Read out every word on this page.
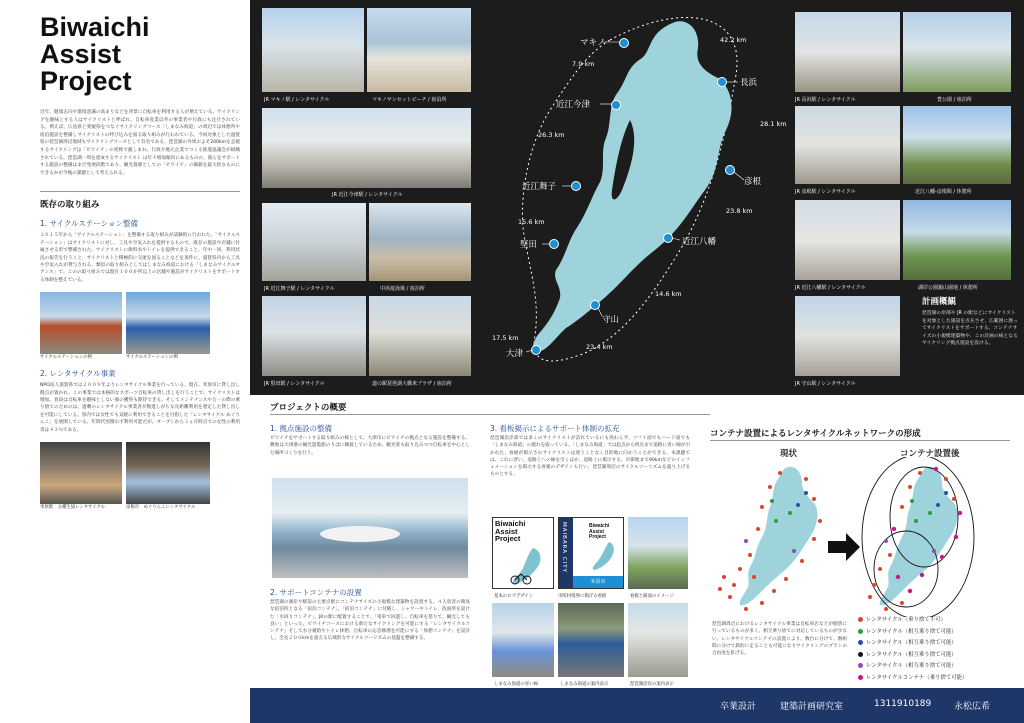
Biwaichi
Assist
Project
近年、健康志向や環境意識の高まりなどを背景に自転車を利用する人が増えている。サイクリングを趣味とする人はサイクリストと呼ばれ、自転車産業以外の事業者や行政にも注目されている。例えば、広島県と愛媛県をつなぐサイクリングコース「しまなみ海道」の周辺では休憩所や宿泊施設を整備しサイクリストの呼び込みを図る取り組みが行われている。今回対象とした滋賀県の琵琶湖周辺地域もサイクリングコースとして有名である。琵琶湖の外周およそ200kmを走破するサイクリングは「ビワイチ」の愛称で親しまれ、行政や地元企業でつくる推進協議会が組織されている。琵琶湖一周を達成するサイクリスト は年々増加傾向にあるものの、彼らをサポートする施設の整備はまだ発展段階であり、観光資源としての「ビワイチ」の価値を最大的なものにできるかが今後の課題として考えられる。
既存の取り組み
1. サイクルステーション整備
２０１５年から「サイクルステーション」を整備する取り組みが試験的に行われた。「サイクルステーション」はサイクリストに対し、工具や空気入れを提供するもので、既存の施設や店舗に付属させる形で整備された。サイクリストに飲料水やトイレを提供できること、年中一回、利用状況の報告を行うこと、サイクリストと積極的に交流を図ることなどを条件に、滋賀県内から工具や空気入れが貸与される。類似の取り組みとしてはしまなみ海道における「しまなみサイクルオアシス」で、このの取り組みでは現在１００か所以上の店舗や施設がサイクリストをサポートする体制を整えている。
サイクルステーションの例	サイクルステーションの例
2. レンタサイクル事業
NPO法人滋賀県では２００９年よりレンタサイクル事業を行っている。現在、米原市に貸し出し拠点が置かれ、この事業では本格的なスポーツ自転車の貸し出しを行うことで、サイクリストは増加。普段は自転車を趣味としない層の獲得も期待できる。そしてメンテナンスや万一の際の乗り捨てのためのは、過剰のレンタサイクル事業者が数進しがちな長距離利用を想定した貸し出しを可能にしている。県内では女性でも気軽に利用できることを目指した「レンタサイクル めぐりんこ」を展開している。年間代別割わず利用可能だが、オープンから３ヵ月時点での女性の利用者は４３％である。
米原駅　五種生協レンタサイクル	彦根市　めぐりんこレンタサイクル
JR マキノ駅 / レンタサイクル	マキノサンセットビーチ / 宿泊所
JR 近江今津駅 / レンタサイクル
JR 近江舞子駅 / レンタサイクル	中浜遊泳場 / 宿泊所
JR 堅田駅 / レンタサイクル	道の駅琵琶湖大橋米プラザ / 宿泊所
JR 長浜駅 / レンタサイクル	豊公園 / 宿泊所
JR 彦根駅 / レンタサイクル	近江八幡-彦根間 / 休憩所
JR 近江八幡駅 / レンタサイクル	湖岸公園親山園地 / 休憩所
JR 守山駅 / レンタサイクル
計画概観
琵琶湖の岸部や JR の駅などにサイクリストを対象とした施設を点在させ、広範囲に渡ってサイクリストをサポートする。コンテナサイズの小規模建築物や、この計画の核となるサイクリング拠点施設を設ける。
マキノ
長浜
近江今津
彦根
近江舞子
近江八幡
堅田
守山
大津
42.2 km
7.9 km
28.1 km
26.3 km
23.8 km
15.6 km
14.6 km
17.5 km
23.4 km
プロジェクトの概要
1. 拠点施設の整備
ビワイチをサポートする取り組みの核として、大津市にビワイチの拠点となる施設を整備する。敷地は大津港の観光遊覧船のりばに隣接しているため、観光客も取り込みつつ自転車を中心とした場所づくりを行う。
2. サポートコンテナの設置
琵琶湖の湖岸や駅前の主要点駅にコンテナサイズの小規模な建築物を設置する。４人収容の簡易な宿泊所となる「宿泊コンテナ」、「宿泊コンテナ」に付随し、シャワーやトイレ、洗面所を設けた「水回りコンテナ」、JRの駅に配置することで、「電車で回遊し、自転車を借りて、観光しても良い」といった、ビワイチコースにおける新たなサイクリングを可能にする「レンタサイクルコンテナ」そして水分補給やトイレ休憩、自転車の応急修理を可能にする「休憩コンテナ」を設計し、全長２００kmを超える広域的なサイクルツーリズムの基盤を整備する。
3. 看板掲示によるサポート体制の拡充
琵琶湖沿岸部では多くのサイクリストが訪れているにも拘わらず、ツフト面でもハード面でも「しまなみ海道」の施れを取っている。「しまなみ海道」では起点から終点まで道路に青い線が引かれた、看板が掲示されサイクリストは迷うことなく目的地に向かうことができる。本課題では、これに習い、道路上への線を引くほか、道路上に掲示する、市街地まで90kmなどのインフォメーションを掲示する看板のデザインも行い、琵琶湖周辺のサイクルツーリズムを盛り上げるものとする。
Biwaichi
Assist
Project	MAIBARA CITY	Biwaichi
Assist
Project
米原市
基本のロゴデザイン	市町村境界に掲げる看板	看板と路面のイメージ
しまなみ海道の青い線	しまなみ海道の案内表示	琵琶湖沿岸の案内表示
コンテナ設置によるレンタサイクルネットワークの形成
現状	コンテナ設置後
琵琶湖周辺におけるレンタサイクル事業は自転車店などが個別に行っているものが多く、相互乗り捨てに対応しているものが少ない。レンタサイクルコンテナの設置により、数台に分けて、数組間に分けて鉄的に走ることも可能になりサイクリングのプランの自由度を拡げる。
レンタサイクル（乗り捨て不可）
レンタサイクル（相互乗り捨て可能）
レンタサイクル（相互乗り捨て可能）
レンタサイクル（相互乗り捨て可能）
レンタサイクル（相互乗り捨て可能）
レンタサイクルコンテナ（乗り捨て可能）
卒業設計	建築計画研究室	1311910189	永松広希
